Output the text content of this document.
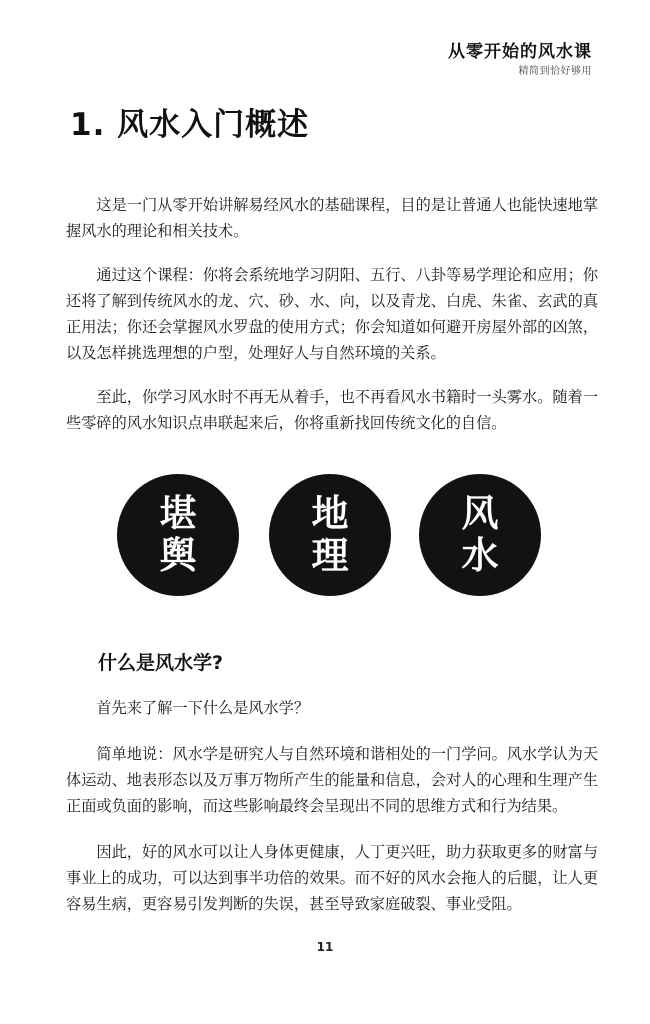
从零开始的风水课
精简到恰好够用
1. 风水入门概述

这是一门从零开始讲解易经风水的基础课程，目的是让普通人也能快速地掌握风水的理论和相关技术。

通过这个课程：你将会系统地学习阴阳、五行、八卦等易学理论和应用；你还将了解到传统风水的龙、穴、砂、水、向，以及青龙、白虎、朱雀、玄武的真正用法；你还会掌握风水罗盘的使用方式；你会知道如何避开房屋外部的凶煞，以及怎样挑选理想的户型，处理好人与自然环境的关系。

至此，你学习风水时不再无从着手，也不再看风水书籍时一头雾水。随着一些零碎的风水知识点串联起来后，你将重新找回传统文化的自信。

堪舆
地理
风水
什么是风水学?

首先来了解一下什么是风水学？

简单地说：风水学是研究人与自然环境和谐相处的一门学问。风水学认为天体运动、地表形态以及万事万物所产生的能量和信息，会对人的心理和生理产生正面或负面的影响，而这些影响最终会呈现出不同的思维方式和行为结果。

因此，好的风水可以让人身体更健康，人丁更兴旺，助力获取更多的财富与事业上的成功，可以达到事半功倍的效果。而不好的风水会拖人的后腿，让人更容易生病，更容易引发判断的失误，甚至导致家庭破裂、事业受阻。

11
